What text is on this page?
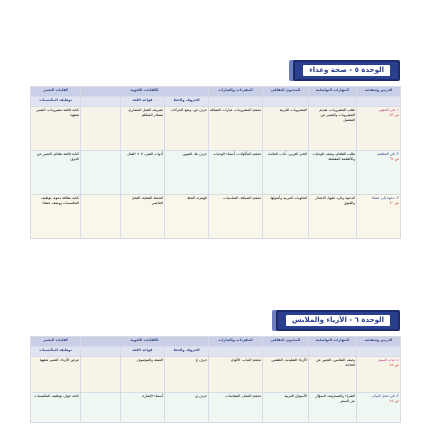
الوحدة ٥ - صحة وغذاء
الدرس وصفحته	المهارات التواصلية	المحتوى الثقافي	المفردات والعبارات	الكفايات اللغوية			كفايات التعبير
				الحروف والخط	قواعد اللغة		توظيف المكتسبات
١- في المقهى
ص ٥٦	طلب المشروبات، تقديم المشروبات والتعبير عن التفضيل	المشروبات العربية	معجم المشروبات، عبارات الضيافة	حرف ض، وضع الحركات	تصريف الفعل المضارع، ضمائر المتكلم		كتابة قائمة مشروبات، التعبير شفهيا
٢- في المطعم
ص ٦٢	طلب الطعام، وصف الوجبات والأطعمة المفضلة	الخبز العربي، آداب المائدة	معجم المأكولات، أسماء الوجبات	حرف ظ، التنوين	أدوات النفي، لا + الفعل		كتابة قائمة طعام، التعبير عن الذوق
٣- دعوة إلى عشاء
ص ٧٠	الدعوة والرد عليها، الاعتذار والقبول	الحلويات العربية وأصولها	معجم الضيافة، المناسبات	الهمزة، الخط	الجملة الفعلية، الفعل الماضي		كتابة بطاقة دعوة، توظيف المكتسبات ووصف عشاء
الوحدة ٦ - الأزياء والملابس
الدرس وصفحته	المهارات التواصلية	المحتوى الثقافي	المفردات والعبارات	الكفايات اللغوية			كفايات التعبير
				الحروف والخط	قواعد اللغة		توظيف المكتسبات
١- ثياب السفر
ص ٧٨	وصف الملابس، التعبير عن الحاجة	الأزياء التقليدية، الطقس	معجم الثياب، الألوان	حرف غ	الصفة والموصوف		عرض الأزياء، التعبير شفهيا
٢- في محل الثياب
ص ٨٤	الشراء والمساومة، السؤال عن السعر	الأسواق العربية	معجم المحل، المقاسات	حرف ق	أسماء الإشارة		كتابة حوار، توظيف المكتسبات
